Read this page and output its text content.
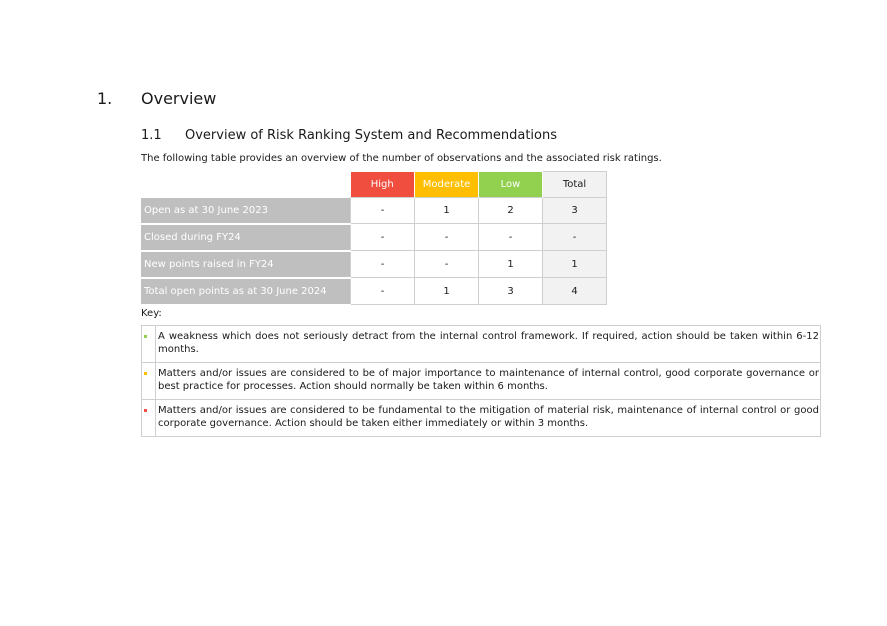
1. Overview
1.1 Overview of Risk Ranking System and Recommendations
The following table provides an overview of the number of observations and the associated risk ratings.
	High	Moderate	Low	Total
Open as at 30 June 2023	-	1	2	3
Closed during FY24	-	-	-	-
New points raised in FY24	-	-	1	1
Total open points as at 30 June 2024	-	1	3	4
Key:
	A weakness which does not seriously detract from the internal control framework. If required, action should be taken within 6-12 months.

	Matters and/or issues are considered to be of major importance to maintenance of internal control, good corporate governance or best practice for processes. Action should normally be taken within 6 months.

	Matters and/or issues are considered to be fundamental to the mitigation of material risk, maintenance of internal control or good corporate governance. Action should be taken either immediately or within 3 months.
